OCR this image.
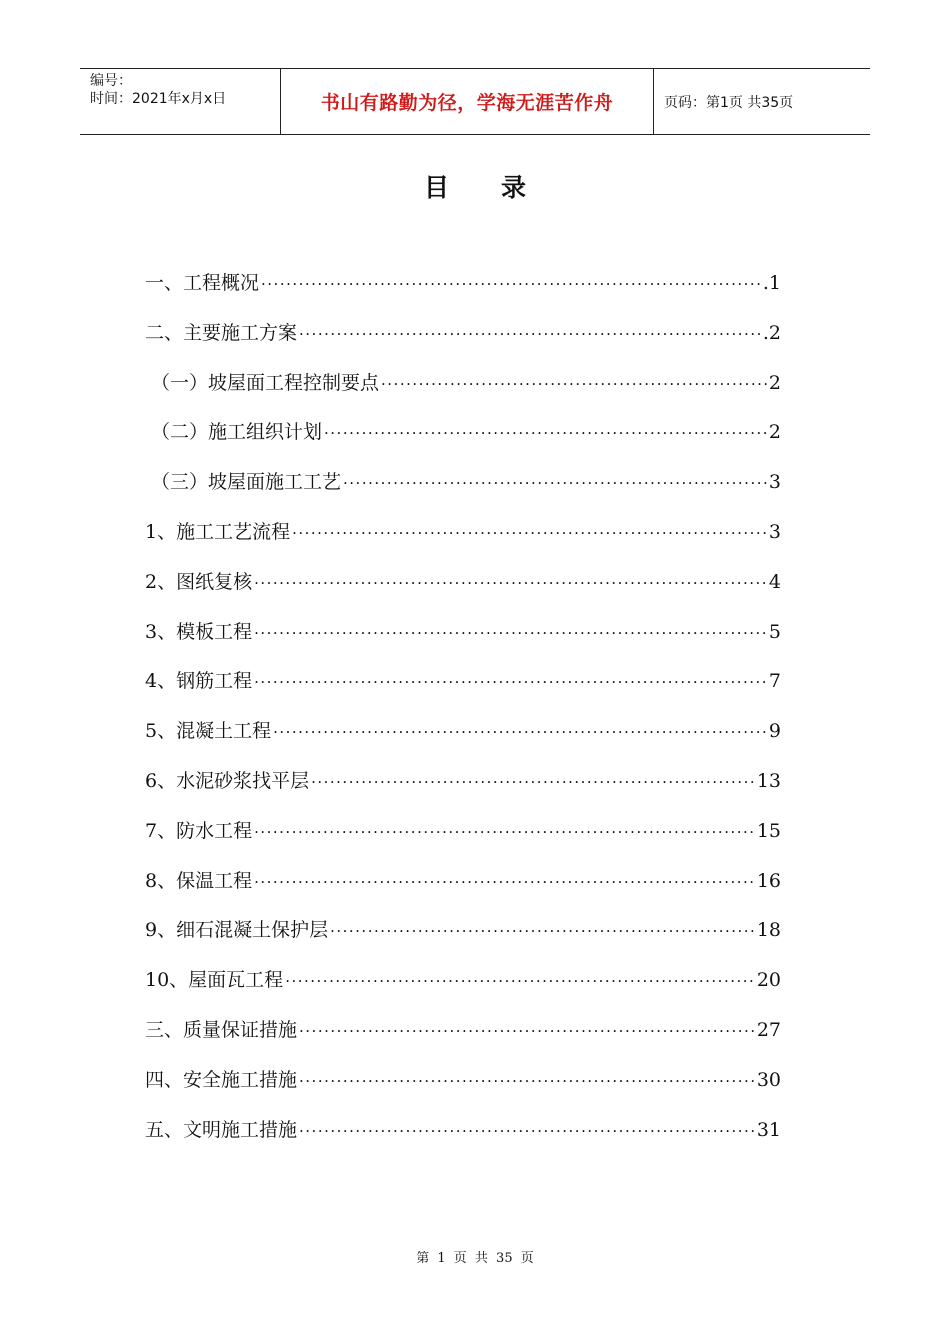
编号：
时间：2021年x月x日	书山有路勤为径，学海无涯苦作舟	页码：第1页 共35页
目录
一、工程概况 ·····	.1
二、主要施工方案 ·····	.2
（一）坡屋面工程控制要点 ·····	2
（二）施工组织计划 ·····	2
（三）坡屋面施工工艺 ·····	3
1、施工工艺流程 ·····	3
2、图纸复核 ·····	4
3、模板工程 ·····	5
4、钢筋工程 ·····	7
5、混凝土工程 ·····	9
6、水泥砂浆找平层 ·····	13
7、防水工程 ·····	15
8、保温工程 ·····	16
9、细石混凝土保护层 ·····	18
10、屋面瓦工程 ·····	20
三、质量保证措施 ·····	27
四、安全施工措施 ·····	30
五、文明施工措施 ·····	31
第 1 页 共 35 页
